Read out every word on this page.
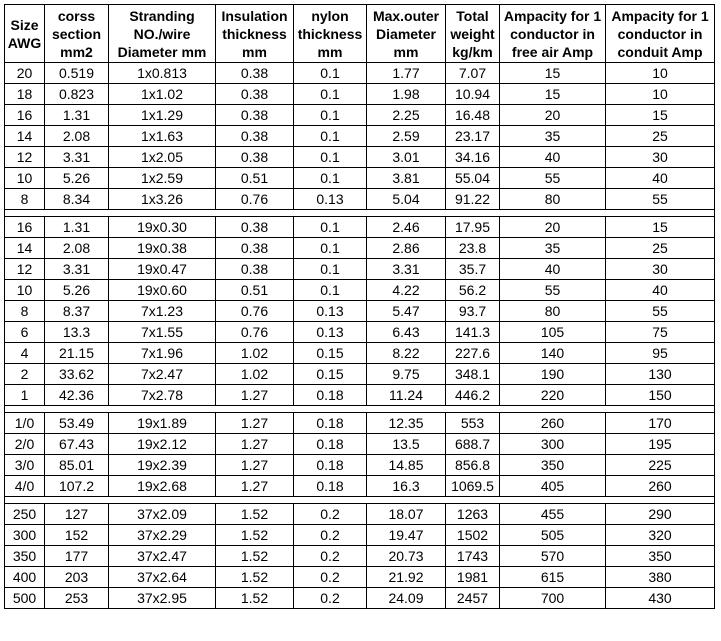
Size
AWG	corss
section
mm2	Stranding
NO./wire
Diameter mm	Insulation
thickness
mm	nylon
thickness
mm	Max.outer
Diameter
mm	Total
weight
kg/km	Ampacity for 1
conductor in
free air Amp	Ampacity for 1
conductor in
conduit Amp

20	0.519	1x0.813	0.38	0.1	1.77	7.07	15	10
18	0.823	1x1.02	0.38	0.1	1.98	10.94	15	10
16	1.31	1x1.29	0.38	0.1	2.25	16.48	20	15
14	2.08	1x1.63	0.38	0.1	2.59	23.17	35	25
12	3.31	1x2.05	0.38	0.1	3.01	34.16	40	30
10	5.26	1x2.59	0.51	0.1	3.81	55.04	55	40
8	8.34	1x3.26	0.76	0.13	5.04	91.22	80	55

16	1.31	19x0.30	0.38	0.1	2.46	17.95	20	15
14	2.08	19x0.38	0.38	0.1	2.86	23.8	35	25
12	3.31	19x0.47	0.38	0.1	3.31	35.7	40	30
10	5.26	19x0.60	0.51	0.1	4.22	56.2	55	40
8	8.37	7x1.23	0.76	0.13	5.47	93.7	80	55
6	13.3	7x1.55	0.76	0.13	6.43	141.3	105	75
4	21.15	7x1.96	1.02	0.15	8.22	227.6	140	95
2	33.62	7x2.47	1.02	0.15	9.75	348.1	190	130
1	42.36	7x2.78	1.27	0.18	11.24	446.2	220	150

1/0	53.49	19x1.89	1.27	0.18	12.35	553	260	170
2/0	67.43	19x2.12	1.27	0.18	13.5	688.7	300	195
3/0	85.01	19x2.39	1.27	0.18	14.85	856.8	350	225
4/0	107.2	19x2.68	1.27	0.18	16.3	1069.5	405	260

250	127	37x2.09	1.52	0.2	18.07	1263	455	290
300	152	37x2.29	1.52	0.2	19.47	1502	505	320
350	177	37x2.47	1.52	0.2	20.73	1743	570	350
400	203	37x2.64	1.52	0.2	21.92	1981	615	380
500	253	37x2.95	1.52	0.2	24.09	2457	700	430
